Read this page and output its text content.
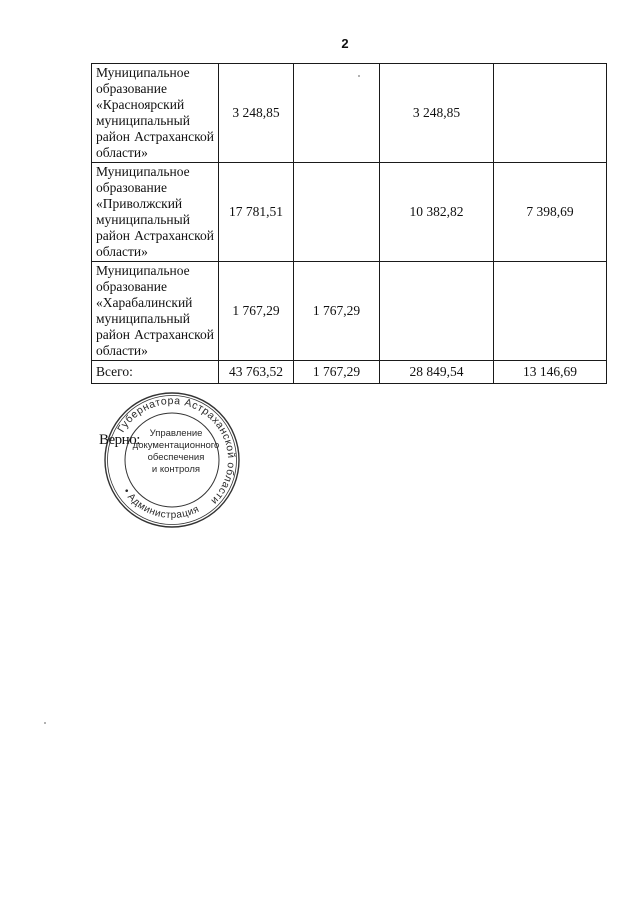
2
Муниципальное образование «Красноярский муниципальный район Астраханской области»	3 248,85		3 248,85	
Муниципальное образование «Приволжский муниципальный район Астраханской области»	17 781,51		10 382,82	7 398,69
Муниципальное образование «Харабалинский муниципальный район Астраханской области»	1 767,29	1 767,29		
Всего:	43 763,52	1 767,29	28 849,54	13 146,69
Губернатора Астраханской области
• Администрация
Управление
документационного
обеспечения
и контроля
Верно:
